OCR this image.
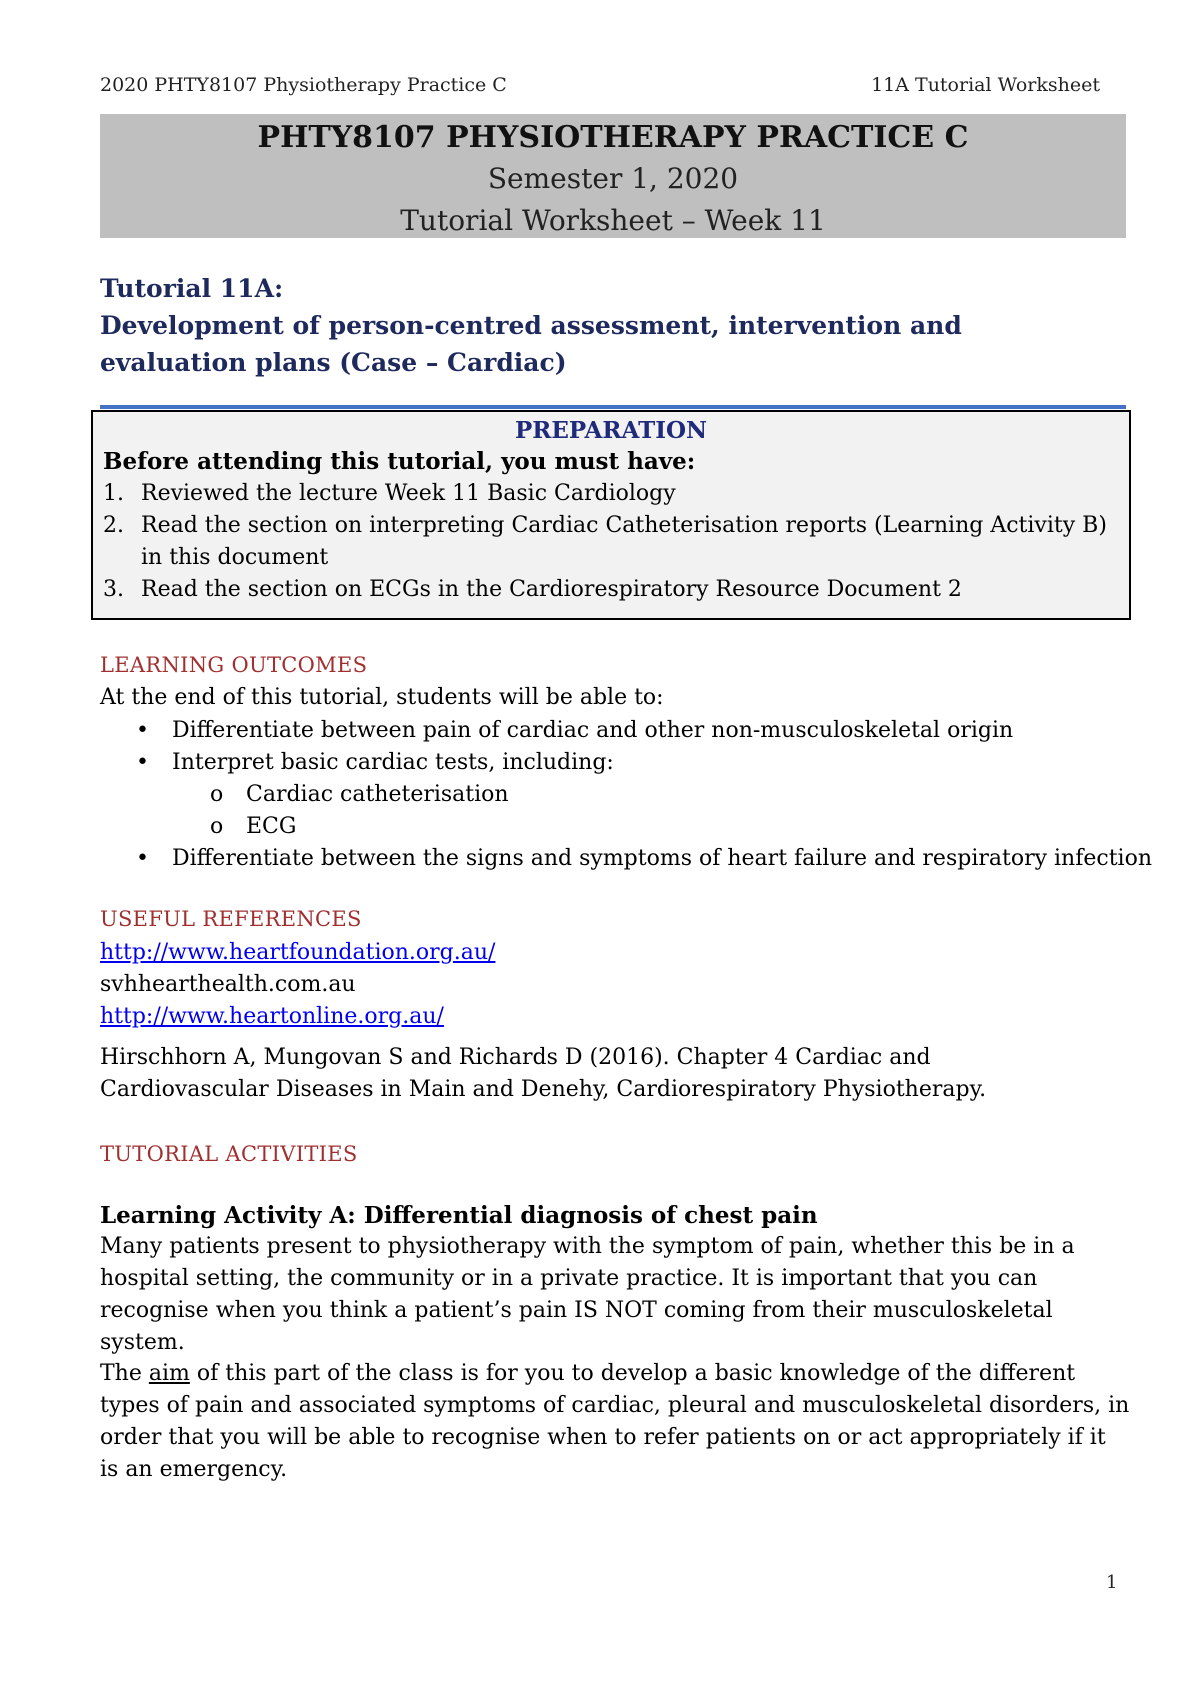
2020 PHTY8107 Physiotherapy Practice C	11A Tutorial Worksheet
PHTY8107 PHYSIOTHERAPY PRACTICE C
Semester 1, 2020
Tutorial Worksheet – Week 11
Tutorial 11A:
Development of person-centred assessment, intervention and
evaluation plans (Case – Cardiac)
PREPARATION
Before attending this tutorial, you must have:
1. Reviewed the lecture Week 11 Basic Cardiology
2. Read the section on interpreting Cardiac Catheterisation reports (Learning Activity B) in this document
3. Read the section on ECGs in the Cardiorespiratory Resource Document 2
LEARNING OUTCOMES
At the end of this tutorial, students will be able to:
• Differentiate between pain of cardiac and other non-musculoskeletal origin
• Interpret basic cardiac tests, including:
o Cardiac catheterisation
o ECG
• Differentiate between the signs and symptoms of heart failure and respiratory infection
USEFUL REFERENCES
http://www.heartfoundation.org.au/
svhhearthealth.com.au
http://www.heartonline.org.au/
Hirschhorn A, Mungovan S and Richards D (2016). Chapter 4 Cardiac and Cardiovascular Diseases in Main and Denehy, Cardiorespiratory Physiotherapy.
TUTORIAL ACTIVITIES
Learning Activity A: Differential diagnosis of chest pain
Many patients present to physiotherapy with the symptom of pain, whether this be in a hospital setting, the community or in a private practice. It is important that you can recognise when you think a patient’s pain IS NOT coming from their musculoskeletal system.
The aim of this part of the class is for you to develop a basic knowledge of the different types of pain and associated symptoms of cardiac, pleural and musculoskeletal disorders, in order that you will be able to recognise when to refer patients on or act appropriately if it is an emergency.
1
